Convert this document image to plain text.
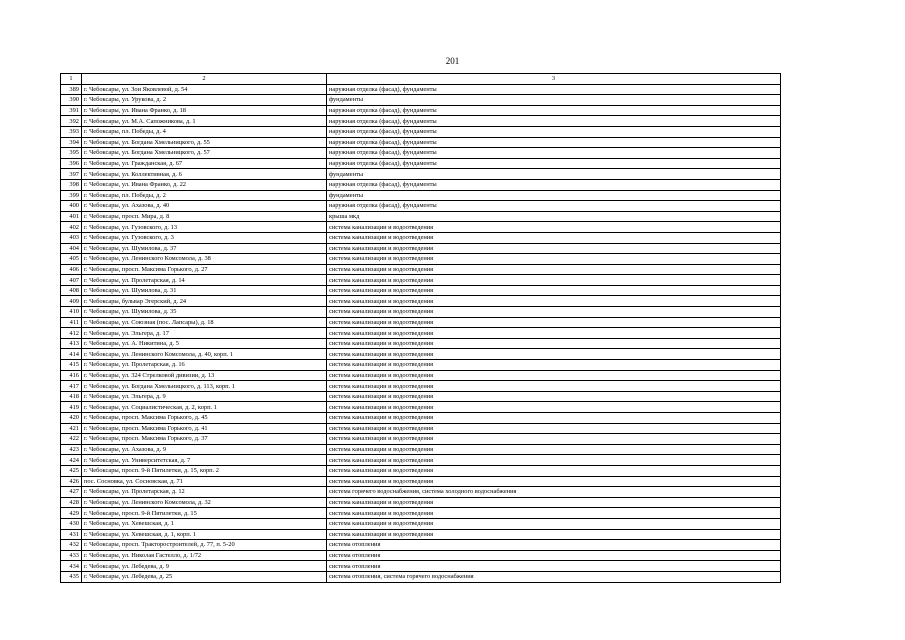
201
1	2	3
389	г. Чебоксары, ул. Зои Яковлевой, д. 54	наружная отделка (фасад), фундаменты
390	г. Чебоксары, ул. Урукова, д. 2	фундаменты
391	г. Чебоксары, ул. Ивана Франко, д. 18	наружная отделка (фасад), фундаменты
392	г. Чебоксары, ул. М.А. Сапожникова, д. 1	наружная отделка (фасад), фундаменты
393	г. Чебоксары, пл. Победы, д. 4	наружная отделка (фасад), фундаменты
394	г. Чебоксары, ул. Богдана Хмельницкого, д. 55	наружная отделка (фасад), фундаменты
395	г. Чебоксары, ул. Богдана Хмельницкого, д. 57	наружная отделка (фасад), фундаменты
396	г. Чебоксары, ул. Гражданская, д. 67	наружная отделка (фасад), фундаменты
397	г. Чебоксары, ул. Коллективная, д. 6	фундаменты
398	г. Чебоксары, ул. Ивана Франко, д. 22	наружная отделка (фасад), фундаменты
399	г. Чебоксары, пл. Победы, д. 2	фундаменты
400	г. Чебоксары, ул. Ахазова, д. 40	наружная отделка (фасад), фундаменты
401	г. Чебоксары, просп. Мира, д. 8	крыша мкд
402	г. Чебоксары, ул. Гузовского, д. 13	система канализации и водоотведения
403	г. Чебоксары, ул. Гузовского, д. 3	система канализации и водоотведения
404	г. Чебоксары, ул. Шумилова, д. 37	система канализации и водоотведения
405	г. Чебоксары, ул. Ленинского Комсомола, д. 38	система канализации и водоотведения
406	г. Чебоксары, просп. Максима Горького, д. 27	система канализации и водоотведения
407	г. Чебоксары, ул. Пролетарская, д. 14	система канализации и водоотведения
408	г. Чебоксары, ул. Шумилова, д. 31	система канализации и водоотведения
409	г. Чебоксары, бульвар Эгерский, д. 24	система канализации и водоотведения
410	г. Чебоксары, ул. Шумилова, д. 35	система канализации и водоотведения
411	г. Чебоксары, ул. Союзная (пос. Лапсары), д. 18	система канализации и водоотведения
412	г. Чебоксары, ул. Эльгера, д. 17	система канализации и водоотведения
413	г. Чебоксары, ул. А. Никитина, д. 5	система канализации и водоотведения
414	г. Чебоксары, ул. Ленинского Комсомола, д. 40, корп. 1	система канализации и водоотведения
415	г. Чебоксары, ул. Пролетарская, д. 16	система канализации и водоотведения
416	г. Чебоксары, ул. 324 Стрелковой дивизии, д. 13	система канализации и водоотведения
417	г. Чебоксары, ул. Богдана Хмельницкого, д. 113, корп. 1	система канализации и водоотведения
418	г. Чебоксары, ул. Эльгера, д. 9	система канализации и водоотведения
419	г. Чебоксары, ул. Социалистическая, д. 2, корп. 1	система канализации и водоотведения
420	г. Чебоксары, просп. Максима Горького, д. 45	система канализации и водоотведения
421	г. Чебоксары, просп. Максима Горького, д. 41	система канализации и водоотведения
422	г. Чебоксары, просп. Максима Горького, д. 37	система канализации и водоотведения
423	г. Чебоксары, ул. Ахазова, д. 9	система канализации и водоотведения
424	г. Чебоксары, ул. Университетская, д. 7	система канализации и водоотведения
425	г. Чебоксары, просп. 9-й Пятилетки, д. 15, корп. 2	система канализации и водоотведения
426	пос. Сосновка, ул. Сосновская, д. 71	система канализации и водоотведения
427	г. Чебоксары, ул. Пролетарская, д. 12	система горячего водоснабжения, система холодного водоснабжения
428	г. Чебоксары, ул. Ленинского Комсомола, д. 32	система канализации и водоотведения
429	г. Чебоксары, просп. 9-й Пятилетки, д. 15	система канализации и водоотведения
430	г. Чебоксары, ул. Хевешская, д. 1	система канализации и водоотведения
431	г. Чебоксары, ул. Хевешская, д. 1, корп. 1	система канализации и водоотведения
432	г. Чебоксары, просп. Тракторостроителей, д. 77, п. 5-20	система отопления
433	г. Чебоксары, ул. Николая Гастелло, д. 1/72	система отопления
434	г. Чебоксары, ул. Лебедева, д. 9	система отопления
435	г. Чебоксары, ул. Лебедева, д. 25	система отопления, система горячего водоснабжения
